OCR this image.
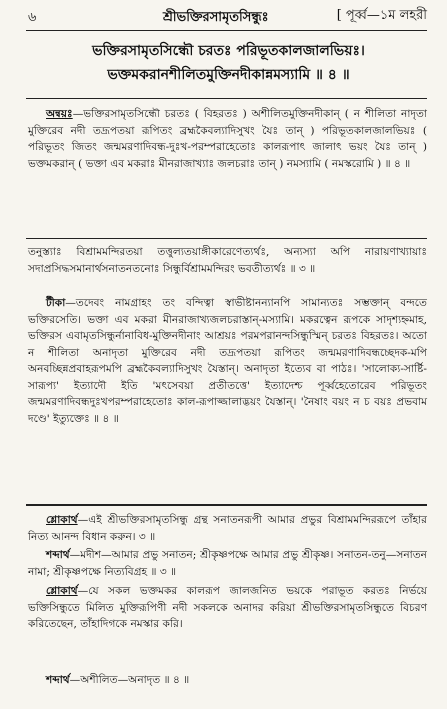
৬	শ্রীভক্তিরসামৃতসিন্ধুঃ	[ পূর্ব্ব—১ম লহরী
ভক্তিরসামৃতসিন্ধৌ চরতঃ পরিভূতকালজালভিয়ঃ।
ভক্তমকরানশীলিতমুক্তিনদীকান্নমস্যামি ॥ ৪ ॥

অন্বয়ঃ—ভক্তিরসামৃতসিন্ধৌ চরতঃ ( বিহরতঃ ) অশীলিতমুক্তিনদীকান্ ( ন শীলিতা নাদৃতা মুক্তিরেব নদী তদ্রূপতয়া রূপিতং ব্রহ্মকৈবল্যাদিসুখং যৈঃ তান্ ) পরিভূতকালজালভিয়ঃ ( পরিভূতং জিতং জন্মমরণাদিবন্ধ-দুঃখ-পরম্পরাহেতোঃ কালরূপাৎ জালাৎ ভয়ং যৈঃ তান্ ) ভক্তমকরান্ ( ভক্তা এব মকরাঃ মীনরাজাখ্যাঃ জলচরাঃ তান্ ) নমস্যামি ( নমস্করোমি ) ॥ ৪ ॥

তনুস্ত্যাঃ বিশ্রামমন্দিরতয়া তত্তুল্যতয়াঙ্গীকারেণেত্যর্থঃ, অন্যস্যা অপি নারায়ণাখ্যায়াঃ সদাপ্রসিদ্ধসমানার্থসনাতনতনোঃ সিন্ধুর্বিশ্রামমন্দিরং ভবতীত্যর্থঃ ॥ ৩ ॥

টীকা—তদেবং নামগ্রাহং তং বন্দিত্বা স্বাভীষ্টানন্যানপি সামান্যতঃ সম্ভক্তান্ বন্দতে ভক্তিরসেতি। ভক্তা এব মকরা মীনরাজাখ্যজলচরাস্তান্-মস্যামি। মকরত্বেন রূপকে সাদৃশ্যহ্নমাহ, ভক্তিরস এবামৃতসিন্ধুর্নানাবিধ-মুক্তিনদীনাং আশ্রয়ঃ পরমপরানন্দসিন্ধুস্মিন্ চরতঃ বিহরতঃ। অতো ন শীলিতা অনাদৃতা মুক্তিরেব নদী তদ্রূপতয়া রূপিতং জন্মমরণাদিবন্ধচ্ছেদক-মপি অনবচ্ছিন্নপ্রবাহরূপমপি ব্রহ্মকৈবল্যাদিসুখং যৈস্তান্। অনাদৃতা ইত্যেব বা পাঠঃ। 'সালোক্য-সার্ষ্টি-সারূপ্য' ইত্যাদৌ ইতি 'মৎসেবয়া প্রতীতত্তে' ইত্যাদেশ্চ পূর্ব্বহেতোরেব পরিভূতং জন্মমরণাদিবন্ধদুঃখপরম্পরাহেতোঃ কাল-রূপাজ্জালাদ্ভয়ং যৈস্তান্। 'নৈষাং বয়ং ন চ বয়ঃ প্রভবাম দণ্ডে' ইত্যুক্তেঃ ॥ ৪ ॥

শ্লোকার্থ—এই শ্রীভক্তিরসামৃতসিন্ধু গ্রন্থ সনাতনরূপী আমার প্রভুর বিশ্রামমন্দিররূপে তাঁহার নিত্য আনন্দ বিধান করুন। ৩ ॥

শব্দার্থ—মদীশ—আমার প্রভু সনাতন; শ্রীকৃষ্ণপক্ষে আমার প্রভু শ্রীকৃষ্ণ। সনাতন-তনু—সনাতন নামা; শ্রীকৃষ্ণপক্ষে নিত্যবিগ্রহ ॥ ৩ ॥

শ্লোকার্থ—যে সকল ভক্তমকর কালরূপ জালজনিত ভয়কে পরাভূত করতঃ নির্ভয়ে ভক্তিসিন্ধুতে মিলিত মুক্তিরূপিণী নদী সকলকে অনাদর করিয়া শ্রীভক্তিরসামৃতসিন্ধুতে বিচরণ করিতেছেন, তাঁহাদিগকে নমস্কার করি।

শব্দার্থ—অশীলিত—অনাদৃত ॥ ৪ ॥
